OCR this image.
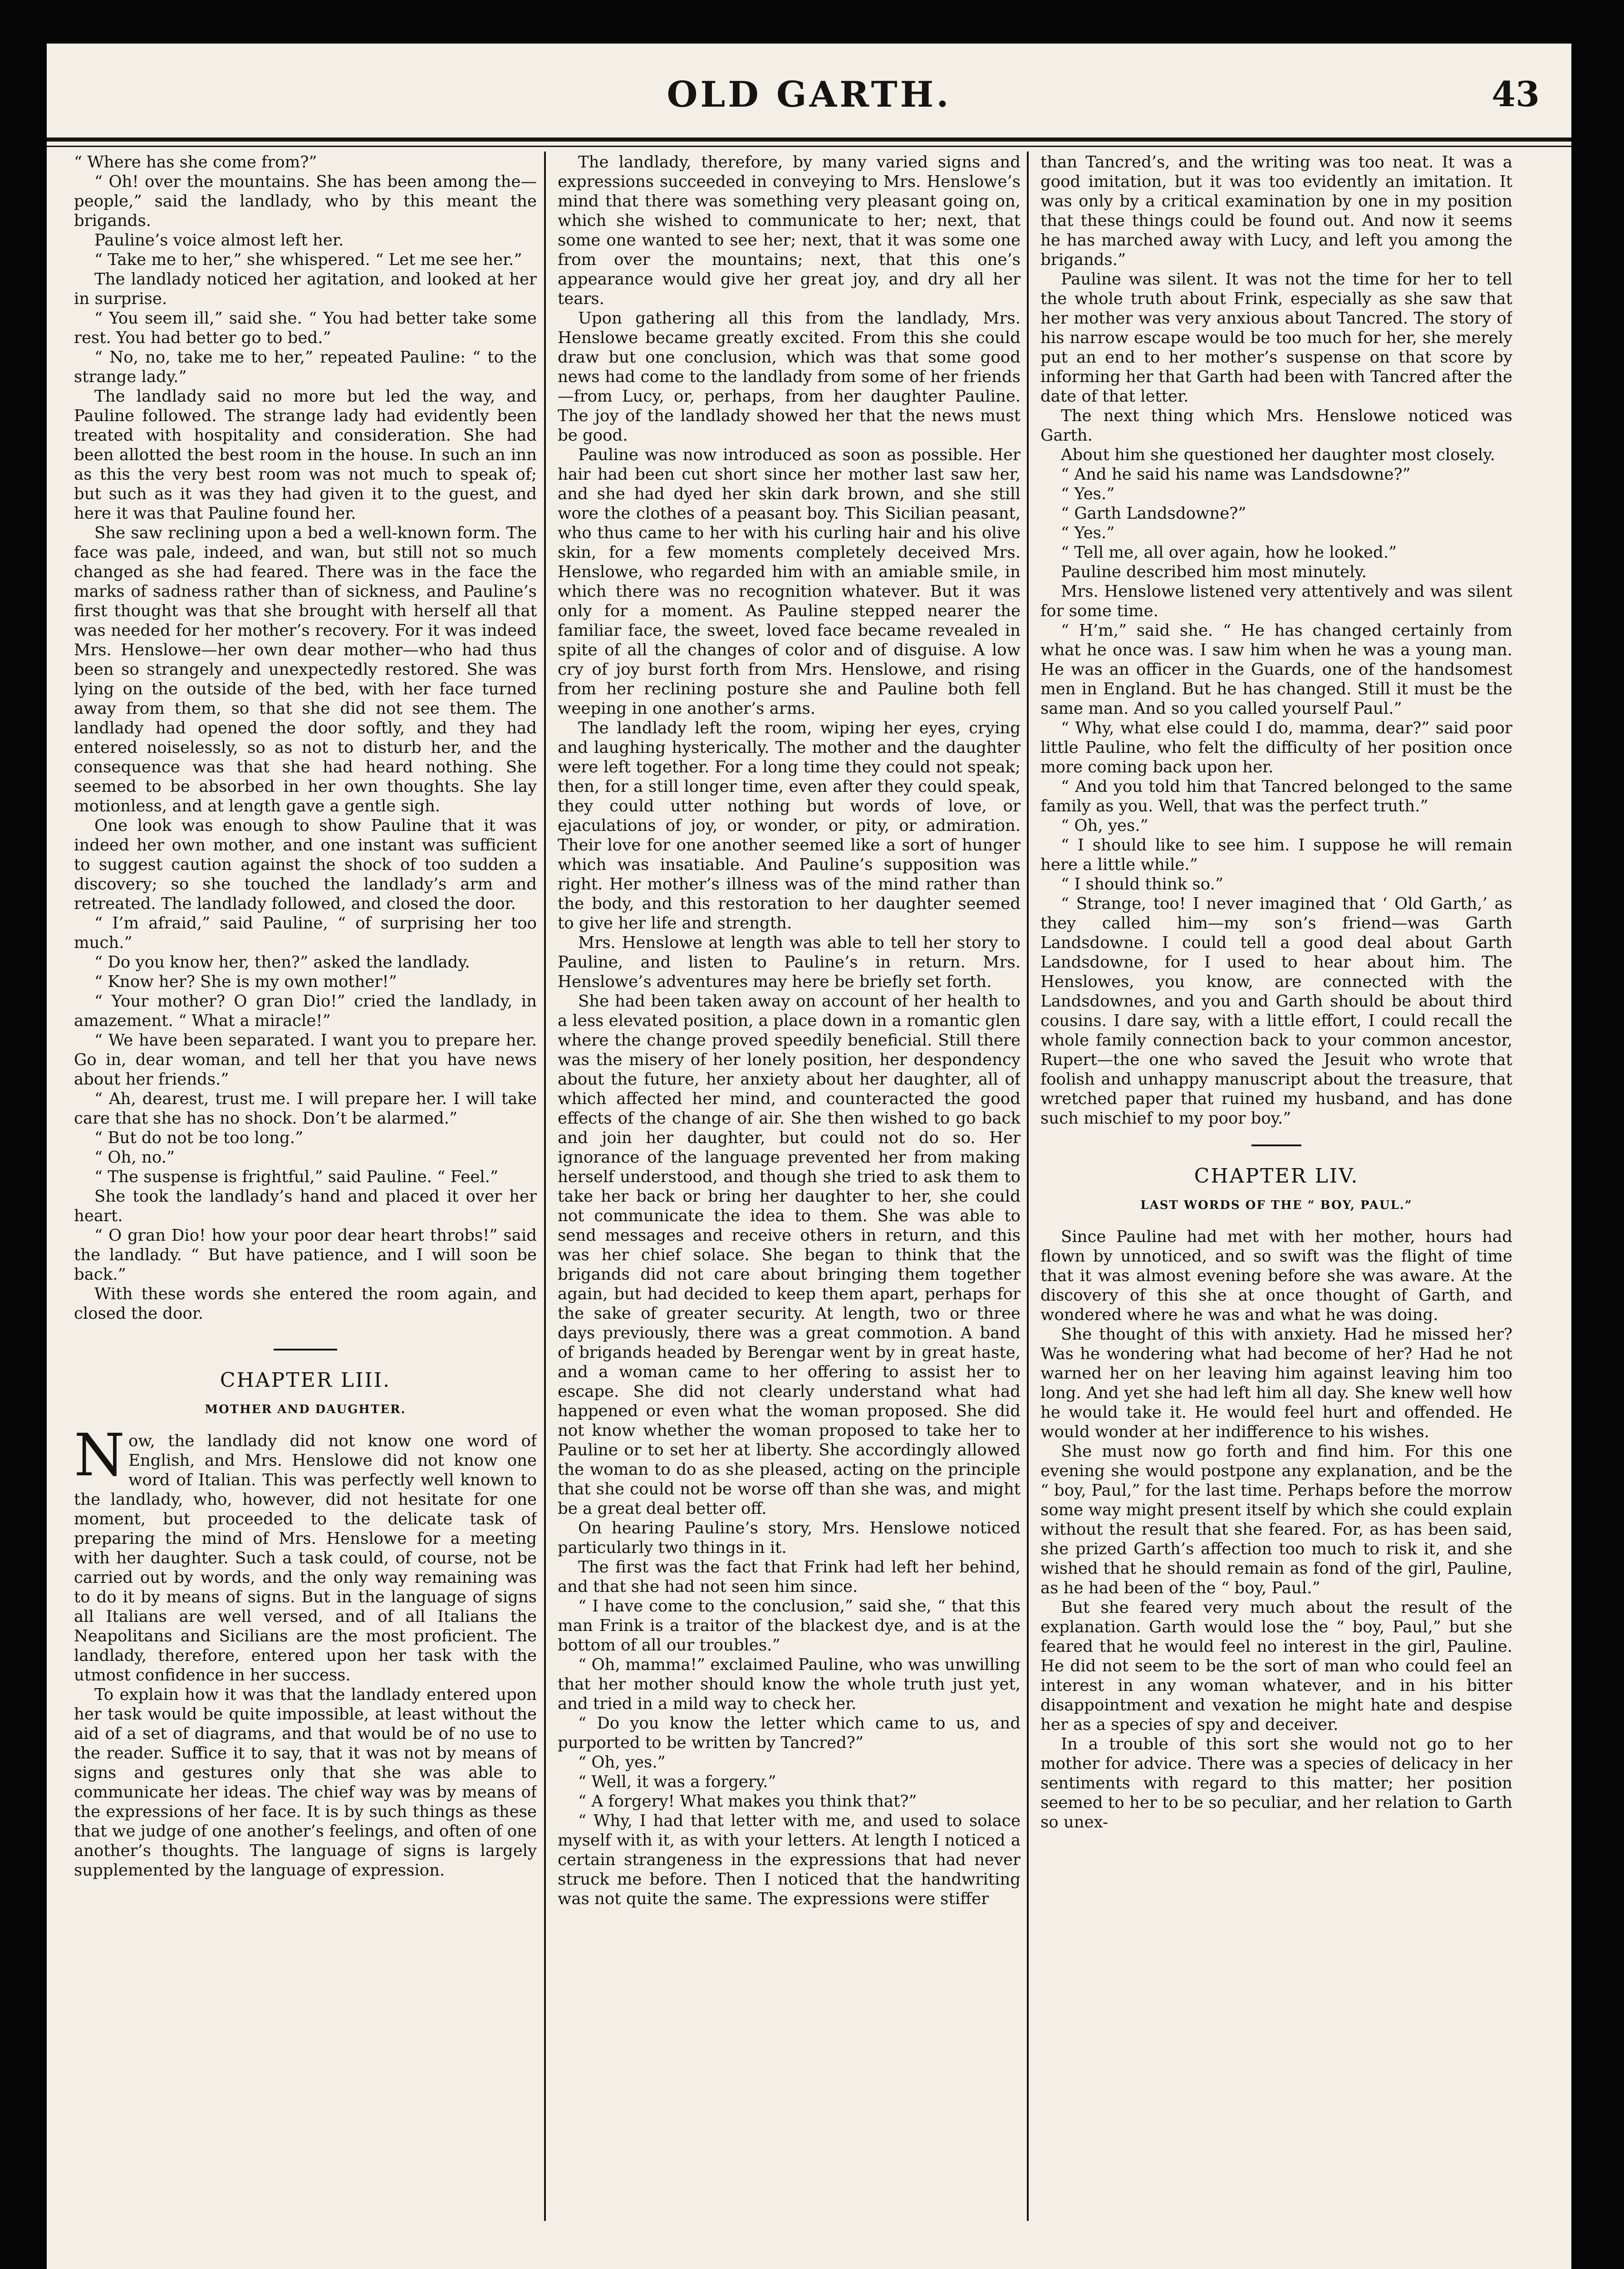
OLD GARTH.	43

“ Where has she come from?”

“ Oh! over the mountains. She has been among the—people,” said the landlady, who by this meant the brigands.

Pauline’s voice almost left her.

“ Take me to her,” she whispered. “ Let me see her.”

The landlady noticed her agitation, and looked at her in surprise.

“ You seem ill,” said she. “ You had better take some rest. You had better go to bed.”

“ No, no, take me to her,” repeated Pauline: “ to the strange lady.”

The landlady said no more but led the way, and Pauline followed. The strange lady had evidently been treated with hospitality and consideration. She had been allotted the best room in the house. In such an inn as this the very best room was not much to speak of; but such as it was they had given it to the guest, and here it was that Pauline found her.

She saw reclining upon a bed a well-known form. The face was pale, indeed, and wan, but still not so much changed as she had feared. There was in the face the marks of sadness rather than of sickness, and Pauline’s first thought was that she brought with herself all that was needed for her mother’s recovery. For it was indeed Mrs. Henslowe—her own dear mother—who had thus been so strangely and unexpectedly restored. She was lying on the outside of the bed, with her face turned away from them, so that she did not see them. The landlady had opened the door softly, and they had entered noiselessly, so as not to disturb her, and the consequence was that she had heard nothing. She seemed to be absorbed in her own thoughts. She lay motionless, and at length gave a gentle sigh.

One look was enough to show Pauline that it was indeed her own mother, and one instant was sufficient to suggest caution against the shock of too sudden a discovery; so she touched the landlady’s arm and retreated. The landlady followed, and closed the door.

“ I’m afraid,” said Pauline, “ of surprising her too much.”

“ Do you know her, then?” asked the landlady.

“ Know her? She is my own mother!”

“ Your mother? O gran Dio!” cried the landlady, in amazement. “ What a miracle!”

“ We have been separated. I want you to prepare her. Go in, dear woman, and tell her that you have news about her friends.”

“ Ah, dearest, trust me. I will prepare her. I will take care that she has no shock. Don’t be alarmed.”

“ But do not be too long.”

“ Oh, no.”

“ The suspense is frightful,” said Pauline. “ Feel.”

She took the landlady’s hand and placed it over her heart.

“ O gran Dio! how your poor dear heart throbs!” said the landlady. “ But have patience, and I will soon be back.”

With these words she entered the room again, and closed the door.

CHAPTER LIII.
MOTHER AND DAUGHTER.

Now, the landlady did not know one word of English, and Mrs. Henslowe did not know one word of Italian. This was perfectly well known to the landlady, who, however, did not hesitate for one moment, but proceeded to the delicate task of preparing the mind of Mrs. Henslowe for a meeting with her daughter. Such a task could, of course, not be carried out by words, and the only way remaining was to do it by means of signs. But in the language of signs all Italians are well versed, and of all Italians the Neapolitans and Sicilians are the most proficient. The landlady, therefore, entered upon her task with the utmost confidence in her success.

To explain how it was that the landlady entered upon her task would be quite impossible, at least without the aid of a set of diagrams, and that would be of no use to the reader. Suffice it to say, that it was not by means of signs and gestures only that she was able to communicate her ideas. The chief way was by means of the expressions of her face. It is by such things as these that we judge of one another’s feelings, and often of one another’s thoughts. The language of signs is largely supplemented by the language of expression.

The landlady, therefore, by many varied signs and expressions succeeded in conveying to Mrs. Henslowe’s mind that there was something very pleasant going on, which she wished to communicate to her; next, that some one wanted to see her; next, that it was some one from over the mountains; next, that this one’s appearance would give her great joy, and dry all her tears.

Upon gathering all this from the landlady, Mrs. Henslowe became greatly excited. From this she could draw but one conclusion, which was that some good news had come to the landlady from some of her friends—from Lucy, or, perhaps, from her daughter Pauline. The joy of the landlady showed her that the news must be good.

Pauline was now introduced as soon as possible. Her hair had been cut short since her mother last saw her, and she had dyed her skin dark brown, and she still wore the clothes of a peasant boy. This Sicilian peasant, who thus came to her with his curling hair and his olive skin, for a few moments completely deceived Mrs. Henslowe, who regarded him with an amiable smile, in which there was no recognition whatever. But it was only for a moment. As Pauline stepped nearer the familiar face, the sweet, loved face became revealed in spite of all the changes of color and of disguise. A low cry of joy burst forth from Mrs. Henslowe, and rising from her reclining posture she and Pauline both fell weeping in one another’s arms.

The landlady left the room, wiping her eyes, crying and laughing hysterically. The mother and the daughter were left together. For a long time they could not speak; then, for a still longer time, even after they could speak, they could utter nothing but words of love, or ejaculations of joy, or wonder, or pity, or admiration. Their love for one another seemed like a sort of hunger which was insatiable. And Pauline’s supposition was right. Her mother’s illness was of the mind rather than the body, and this restoration to her daughter seemed to give her life and strength.

Mrs. Henslowe at length was able to tell her story to Pauline, and listen to Pauline’s in return. Mrs. Henslowe’s adventures may here be briefly set forth.

She had been taken away on account of her health to a less elevated position, a place down in a romantic glen where the change proved speedily beneficial. Still there was the misery of her lonely position, her despondency about the future, her anxiety about her daughter, all of which affected her mind, and counteracted the good effects of the change of air. She then wished to go back and join her daughter, but could not do so. Her ignorance of the language prevented her from making herself understood, and though she tried to ask them to take her back or bring her daughter to her, she could not communicate the idea to them. She was able to send messages and receive others in return, and this was her chief solace. She began to think that the brigands did not care about bringing them together again, but had decided to keep them apart, perhaps for the sake of greater security. At length, two or three days previously, there was a great commotion. A band of brigands headed by Berengar went by in great haste, and a woman came to her offering to assist her to escape. She did not clearly understand what had happened or even what the woman proposed. She did not know whether the woman proposed to take her to Pauline or to set her at liberty. She accordingly allowed the woman to do as she pleased, acting on the principle that she could not be worse off than she was, and might be a great deal better off.

On hearing Pauline’s story, Mrs. Henslowe noticed particularly two things in it.

The first was the fact that Frink had left her behind, and that she had not seen him since.

“ I have come to the conclusion,” said she, “ that this man Frink is a traitor of the blackest dye, and is at the bottom of all our troubles.”

“ Oh, mamma!” exclaimed Pauline, who was unwilling that her mother should know the whole truth just yet, and tried in a mild way to check her.

“ Do you know the letter which came to us, and purported to be written by Tancred?”

“ Oh, yes.”

“ Well, it was a forgery.”

“ A forgery! What makes you think that?”

“ Why, I had that letter with me, and used to solace myself with it, as with your letters. At length I noticed a certain strangeness in the expressions that had never struck me before. Then I noticed that the handwriting was not quite the same. The expressions were stiffer

than Tancred’s, and the writing was too neat. It was a good imitation, but it was too evidently an imitation. It was only by a critical examination by one in my position that these things could be found out. And now it seems he has marched away with Lucy, and left you among the brigands.”

Pauline was silent. It was not the time for her to tell the whole truth about Frink, especially as she saw that her mother was very anxious about Tancred. The story of his narrow escape would be too much for her, she merely put an end to her mother’s suspense on that score by informing her that Garth had been with Tancred after the date of that letter.

The next thing which Mrs. Henslowe noticed was Garth.

About him she questioned her daughter most closely.

“ And he said his name was Landsdowne?”

“ Yes.”

“ Garth Landsdowne?”

“ Yes.”

“ Tell me, all over again, how he looked.”

Pauline described him most minutely.

Mrs. Henslowe listened very attentively and was silent for some time.

“ H’m,” said she. “ He has changed certainly from what he once was. I saw him when he was a young man. He was an officer in the Guards, one of the handsomest men in England. But he has changed. Still it must be the same man. And so you called yourself Paul.”

“ Why, what else could I do, mamma, dear?” said poor little Pauline, who felt the difficulty of her position once more coming back upon her.

“ And you told him that Tancred belonged to the same family as you. Well, that was the perfect truth.”

“ Oh, yes.”

“ I should like to see him. I suppose he will remain here a little while.”

“ I should think so.”

“ Strange, too! I never imagined that ‘ Old Garth,’ as they called him—my son’s friend—was Garth Landsdowne. I could tell a good deal about Garth Landsdowne, for I used to hear about him. The Henslowes, you know, are connected with the Landsdownes, and you and Garth should be about third cousins. I dare say, with a little effort, I could recall the whole family connection back to your common ancestor, Rupert—the one who saved the Jesuit who wrote that foolish and unhappy manuscript about the treasure, that wretched paper that ruined my husband, and has done such mischief to my poor boy.”

CHAPTER LIV.
LAST WORDS OF THE “ BOY, PAUL.”

Since Pauline had met with her mother, hours had flown by unnoticed, and so swift was the flight of time that it was almost evening before she was aware. At the discovery of this she at once thought of Garth, and wondered where he was and what he was doing.

She thought of this with anxiety. Had he missed her? Was he wondering what had become of her? Had he not warned her on her leaving him against leaving him too long. And yet she had left him all day. She knew well how he would take it. He would feel hurt and offended. He would wonder at her indifference to his wishes.

She must now go forth and find him. For this one evening she would postpone any explanation, and be the “ boy, Paul,” for the last time. Perhaps before the morrow some way might present itself by which she could explain without the result that she feared. For, as has been said, she prized Garth’s affection too much to risk it, and she wished that he should remain as fond of the girl, Pauline, as he had been of the “ boy, Paul.”

But she feared very much about the result of the explanation. Garth would lose the “ boy, Paul,” but she feared that he would feel no interest in the girl, Pauline. He did not seem to be the sort of man who could feel an interest in any woman whatever, and in his bitter disappointment and vexation he might hate and despise her as a species of spy and deceiver.

In a trouble of this sort she would not go to her mother for advice. There was a species of delicacy in her sentiments with regard to this matter; her position seemed to her to be so peculiar, and her relation to Garth so unex-
